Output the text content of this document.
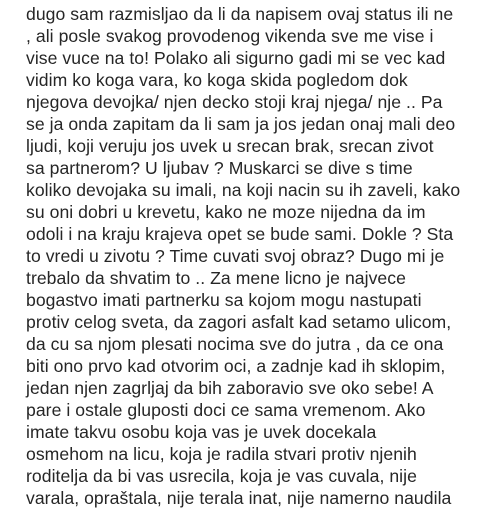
dugo sam razmisljao da li da napisem ovaj status ili ne
, ali posle svakog provodenog vikenda sve me vise i
vise vuce na to! Polako ali sigurno gadi mi se vec kad
vidim ko koga vara, ko koga skida pogledom dok
njegova devojka/ njen decko stoji kraj njega/ nje .. Pa
se ja onda zapitam da li sam ja jos jedan onaj mali deo
ljudi, koji veruju jos uvek u srecan brak, srecan zivot
sa partnerom? U ljubav ? Muskarci se dive s time
koliko devojaka su imali, na koji nacin su ih zaveli, kako
su oni dobri u krevetu, kako ne moze nijedna da im
odoli i na kraju krajeva opet se bude sami. Dokle ? Sta
to vredi u zivotu ? Time cuvati svoj obraz? Dugo mi je
trebalo da shvatim to .. Za mene licno je najvece
bogastvo imati partnerku sa kojom mogu nastupati
protiv celog sveta, da zagori asfalt kad setamo ulicom,
da cu sa njom plesati nocima sve do jutra , da ce ona
biti ono prvo kad otvorim oci, a zadnje kad ih sklopim,
jedan njen zagrljaj da bih zaboravio sve oko sebe! A
pare i ostale gluposti doci ce sama vremenom. Ako
imate takvu osobu koja vas je uvek docekala
osmehom na licu, koja je radila stvari protiv njenih
roditelja da bi vas usrecila, koja je vas cuvala, nije
varala, opraštala, nije terala inat, nije namerno naudila
